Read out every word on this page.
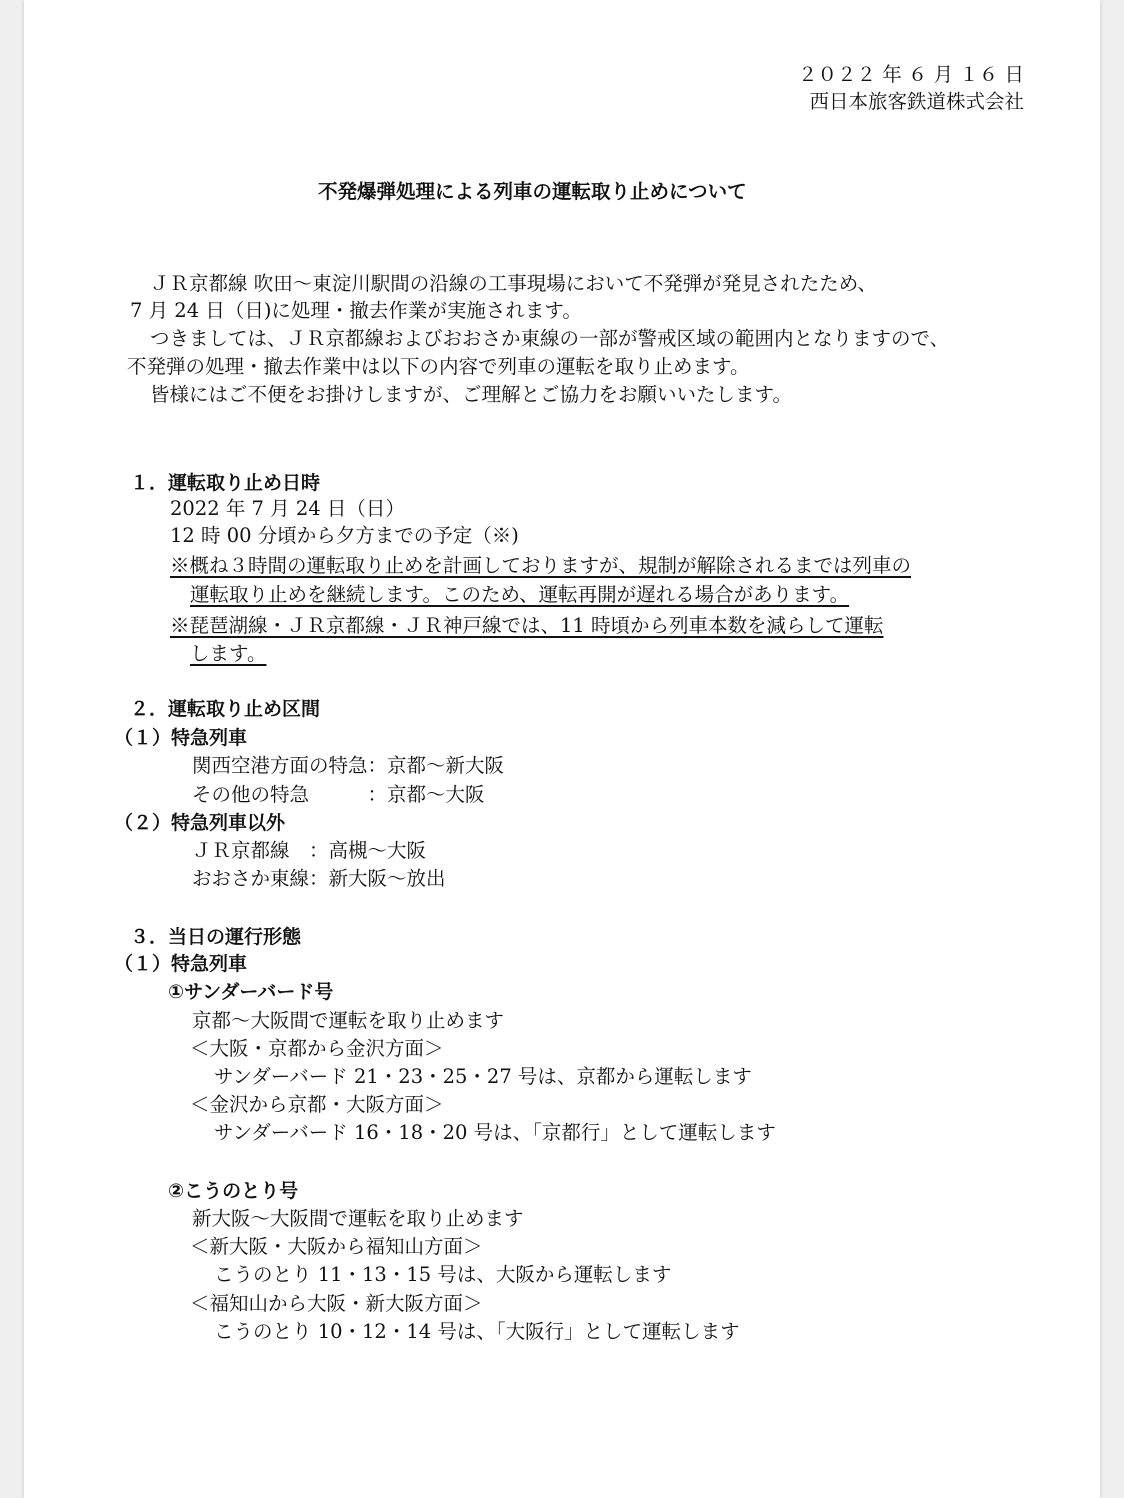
２０２２ 年 ６ 月 １６ 日
西日本旅客鉄道株式会社
不発爆弾処理による列車の運転取り止めについて
ＪＲ京都線 吹田〜東淀川駅間の沿線の工事現場において不発弾が発見されたため、
7 月 24 日（日)に処理・撤去作業が実施されます。
つきましては、ＪＲ京都線およびおおさか東線の一部が警戒区域の範囲内となりますので、
不発弾の処理・撤去作業中は以下の内容で列車の運転を取り止めます。
皆様にはご不便をお掛けしますが、ご理解とご協力をお願いいたします。
１．運転取り止め日時
2022 年 7 月 24 日（日）
12 時 00 分頃から夕方までの予定（※)
※概ね３時間の運転取り止めを計画しておりますが、規制が解除されるまでは列車の
運転取り止めを継続します。このため、運転再開が遅れる場合があります。
※琵琶湖線・ＪＲ京都線・ＪＲ神戸線では、11 時頃から列車本数を減らして運転
します。
２．運転取り止め区間
（１）特急列車
関西空港方面の特急：京都〜新大阪
その他の特急　　　：京都〜大阪
（２）特急列車以外
ＪＲ京都線　：高槻〜大阪
おおさか東線：新大阪〜放出
３．当日の運行形態
（１）特急列車
①サンダーバード号
京都〜大阪間で運転を取り止めます
＜大阪・京都から金沢方面＞
サンダーバード 21・23・25・27 号は、京都から運転します
＜金沢から京都・大阪方面＞
サンダーバード 16・18・20 号は、「京都行」として運転します
②こうのとり号
新大阪〜大阪間で運転を取り止めます
＜新大阪・大阪から福知山方面＞
こうのとり 11・13・15 号は、大阪から運転します
＜福知山から大阪・新大阪方面＞
こうのとり 10・12・14 号は、「大阪行」として運転します
